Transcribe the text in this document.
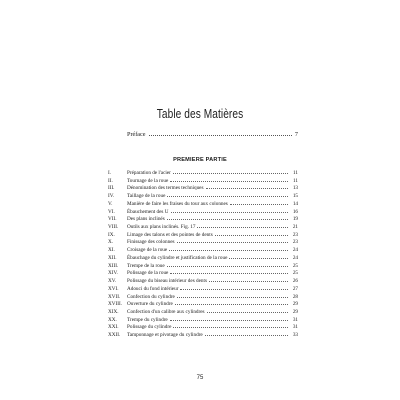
Table des Matières
Préface	7
PREMIERE PARTIE
I.	Préparation de l'acier	11
II.	Tournage de la roue	11
III.	Dénomination des termes techniques	13
IV.	Taillage de la roue	15
V.	Manière de faire les fraises du tour aux colonnes	14
VI.	Ébauchement des U	16
VII.	Des plans inclinés	19
VIII.	Outils aux plans inclinés. Fig. 17	21
IX.	Limage des talons et des pointes de dents	23
X.	Finissage des colonnes	23
XI.	Croisage de la roue	24
XII.	Ébauchage du cylindre et justification de la roue	24
XIII.	Trempe de la roue	25
XIV.	Polissage de la roue	25
XV.	Polissage du biseau intérieur des dents	26
XVI.	Adouci du fond intérieur	27
XVII.	Confection du cylindre	28
XVIII. Ouverture du cylindre	29
XIX.	Confection d'un calibre aux cylindres	29
XX.	Trempe du cylindre	31
XXI.	Polissage du cylindre	31
XXII.	Tamponnage et pivotage du cylindre	33
75
